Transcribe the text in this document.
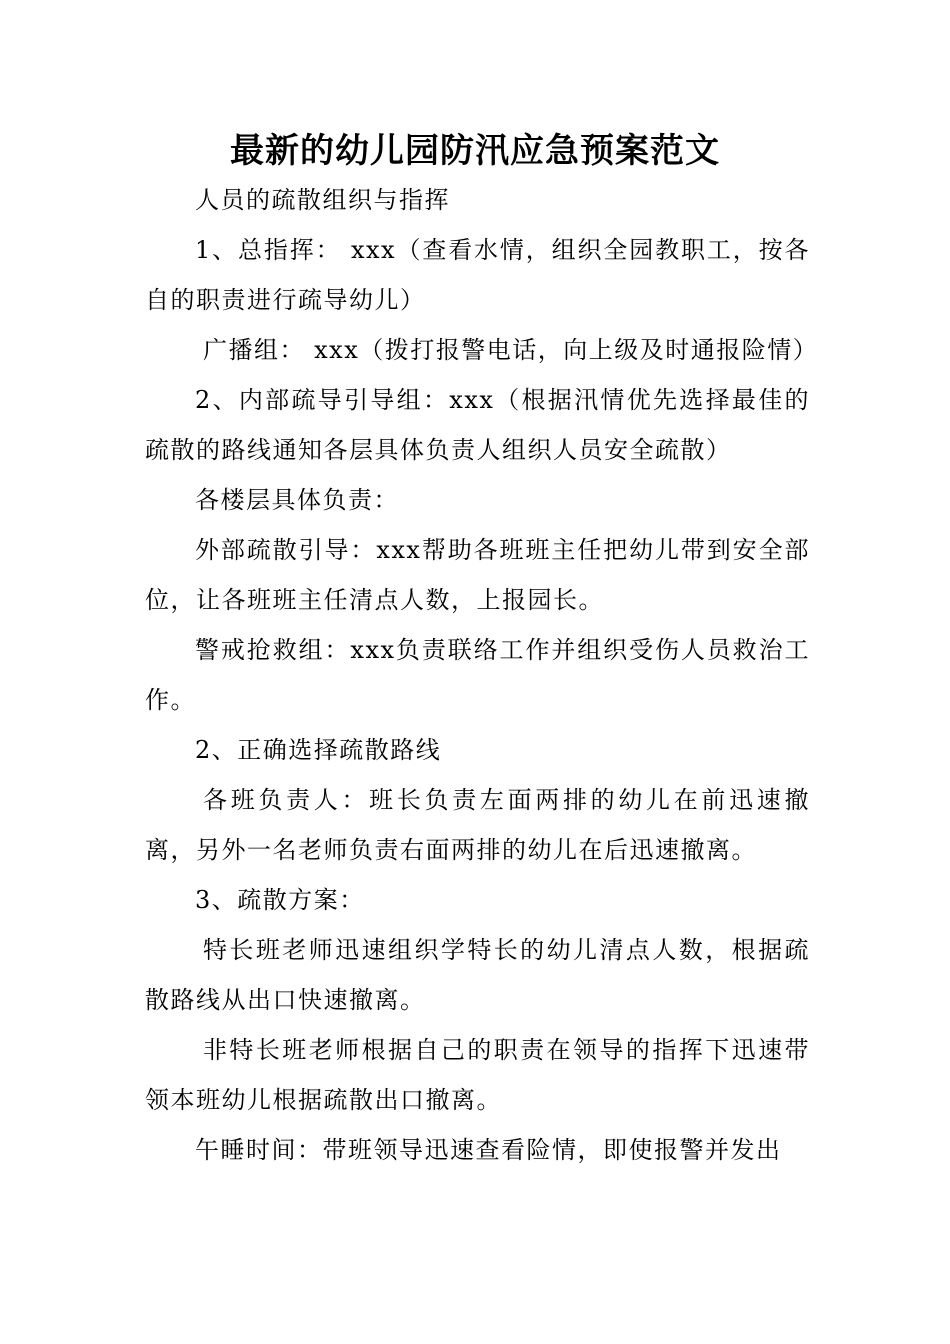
最新的幼儿园防汛应急预案范文

人员的疏散组织与指挥

1、总指挥： xxx（查看水情，组织全园教职工，按各自的职责进行疏导幼儿）

广播组： xxx（拨打报警电话，向上级及时通报险情）

2、内部疏导引导组：xxx（根据汛情优先选择最佳的疏散的路线通知各层具体负责人组织人员安全疏散）

各楼层具体负责：

外部疏散引导：xxx帮助各班班主任把幼儿带到安全部位，让各班班主任清点人数，上报园长。

警戒抢救组：xxx负责联络工作并组织受伤人员救治工作。

2、正确选择疏散路线

各班负责人：班长负责左面两排的幼儿在前迅速撤离，另外一名老师负责右面两排的幼儿在后迅速撤离。

3、疏散方案：

特长班老师迅速组织学特长的幼儿清点人数，根据疏散路线从出口快速撤离。

非特长班老师根据自己的职责在领导的指挥下迅速带领本班幼儿根据疏散出口撤离。

午睡时间：带班领导迅速查看险情，即使报警并发出
